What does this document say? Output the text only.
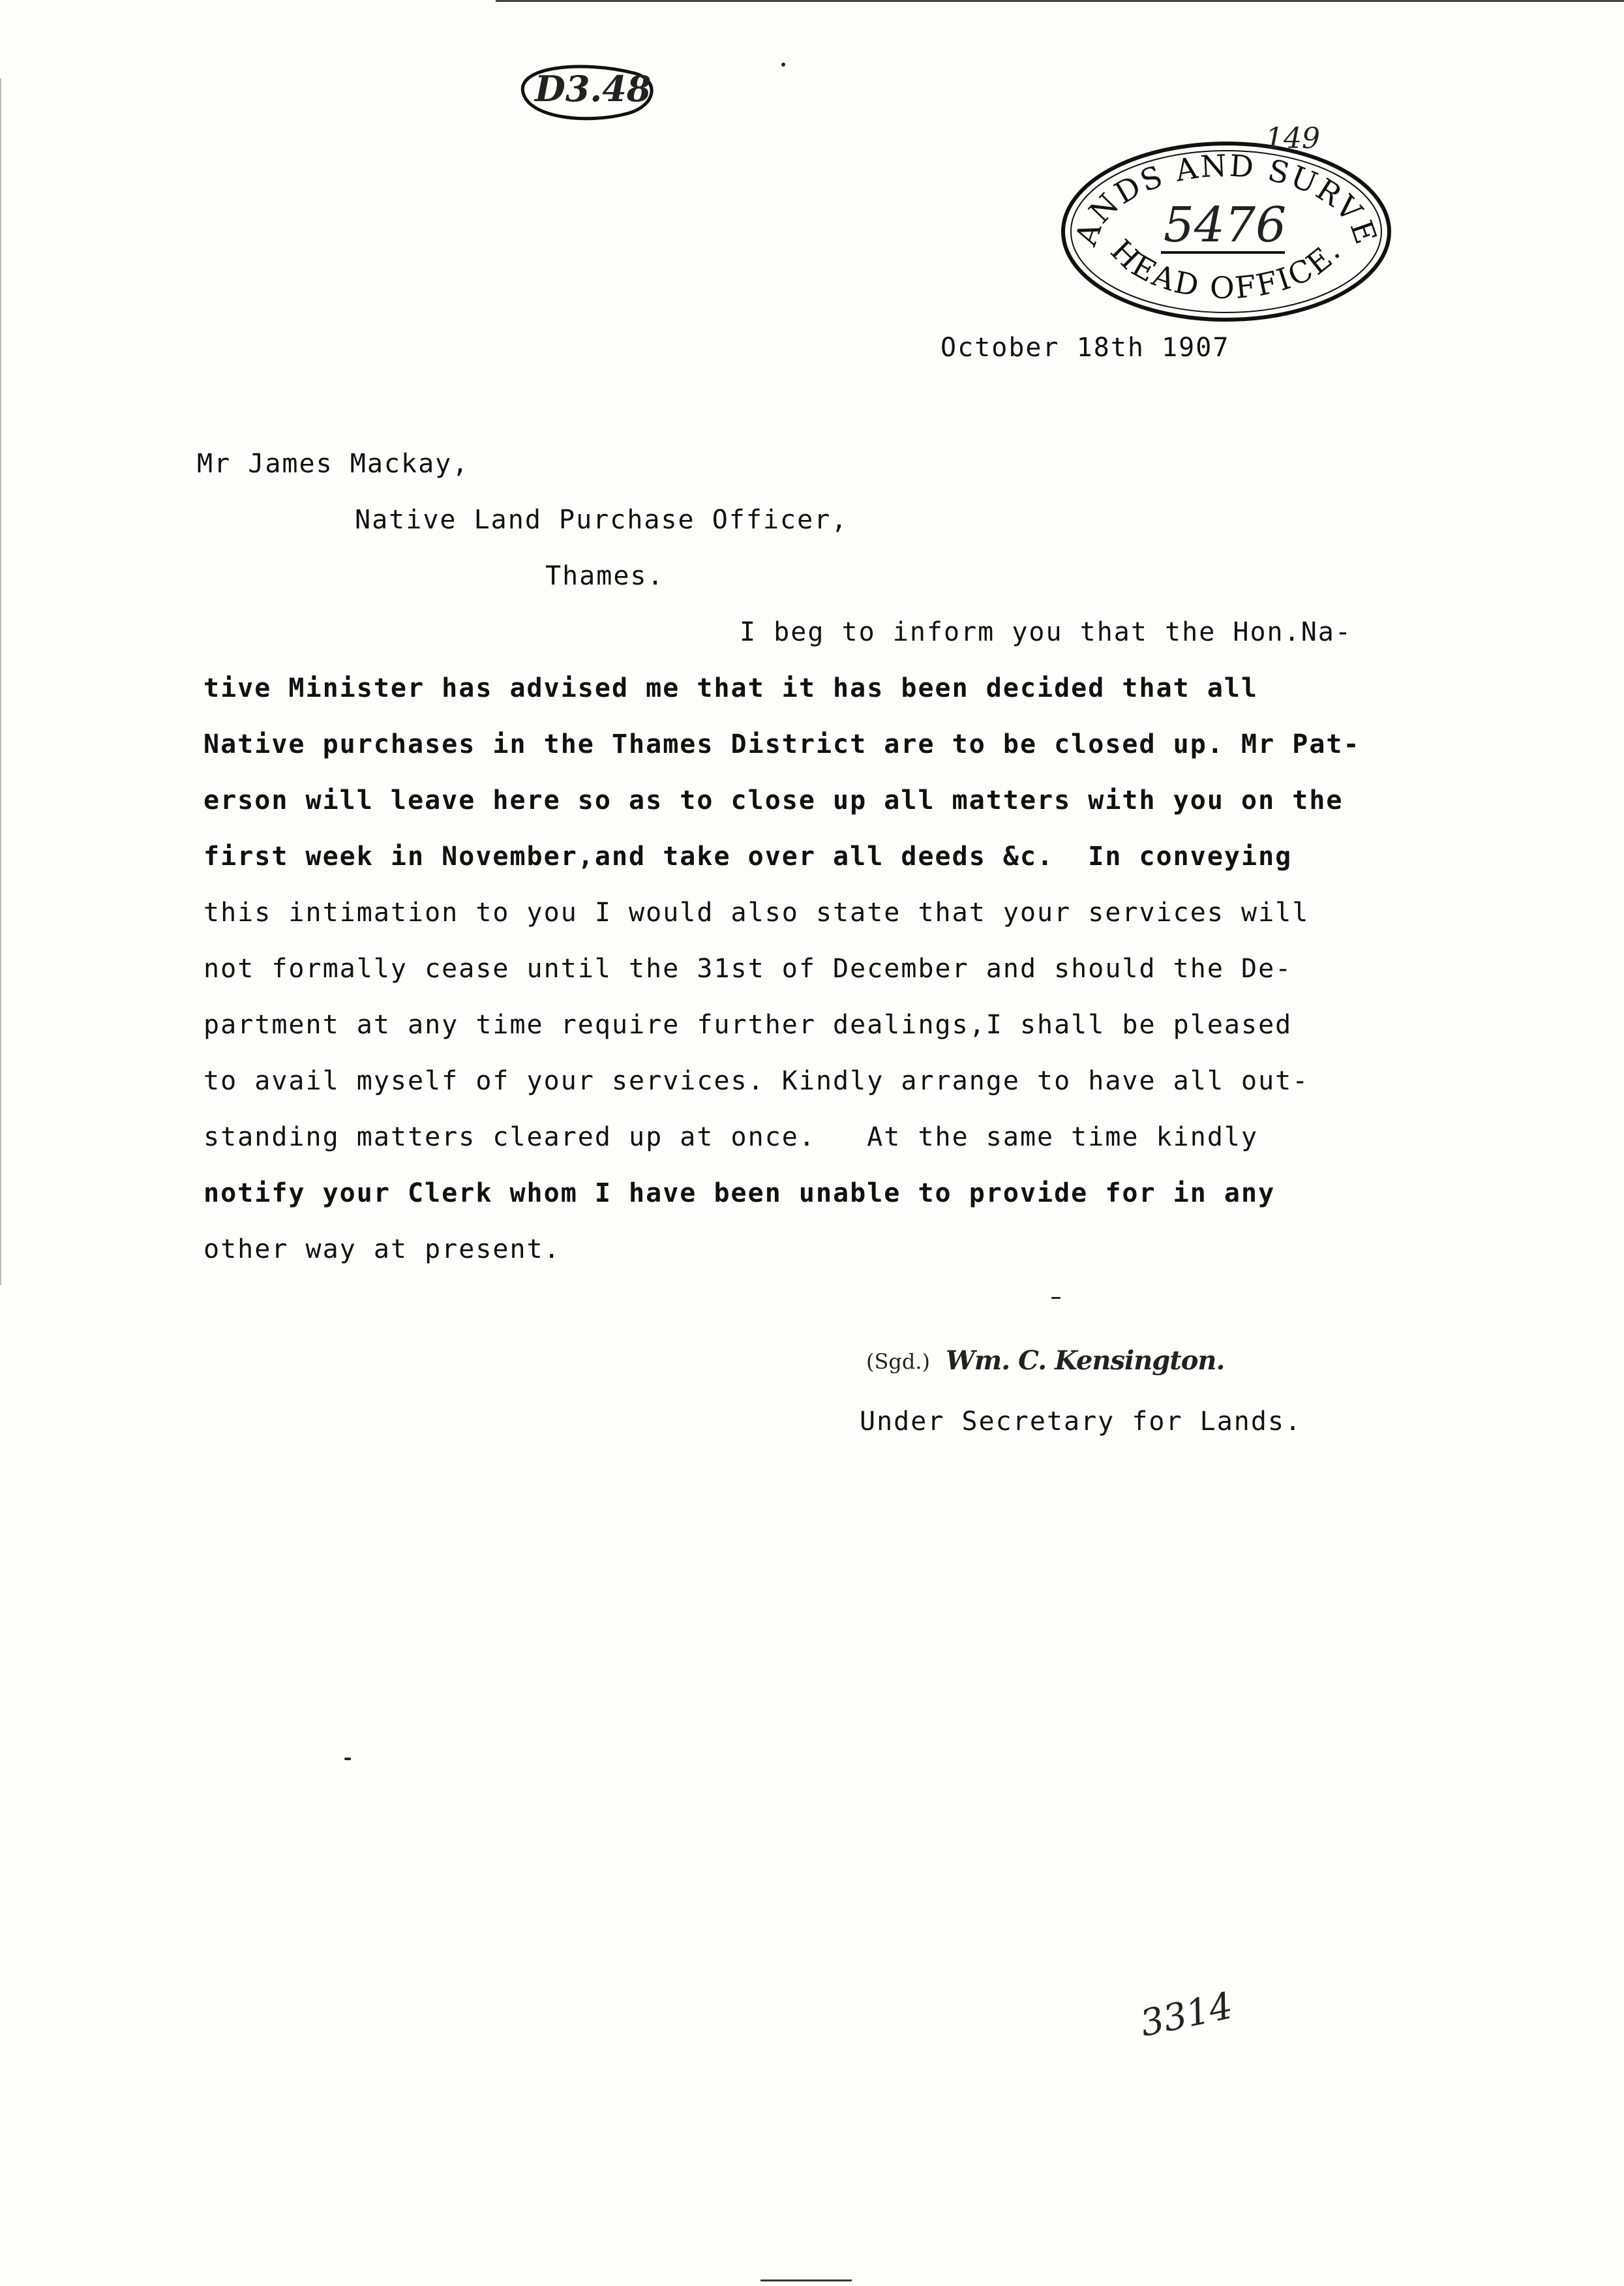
D3.48
ANDS AND SURVE
HEAD OFFICE.
5476
149
October 18th 1907
Mr James Mackay,
Native Land Purchase Officer,
Thames.
I beg to inform you that the Hon.Na-
tive Minister has advised me that it has been decided that all
Native purchases in the Thames District are to be closed up. Mr Pat-
erson will leave here so as to close up all matters with you on the
first week in November,and take over all deeds &c.  In conveying
this intimation to you I would also state that your services will
not formally cease until the 31st of December and should the De-
partment at any time require further dealings,I shall be pleased
to avail myself of your services. Kindly arrange to have all out-
standing matters cleared up at once.   At the same time kindly
notify your Clerk whom I have been unable to provide for in any
other way at present.
(Sgd.) Wm. C. Kensington.
Under Secretary for Lands.
3314
